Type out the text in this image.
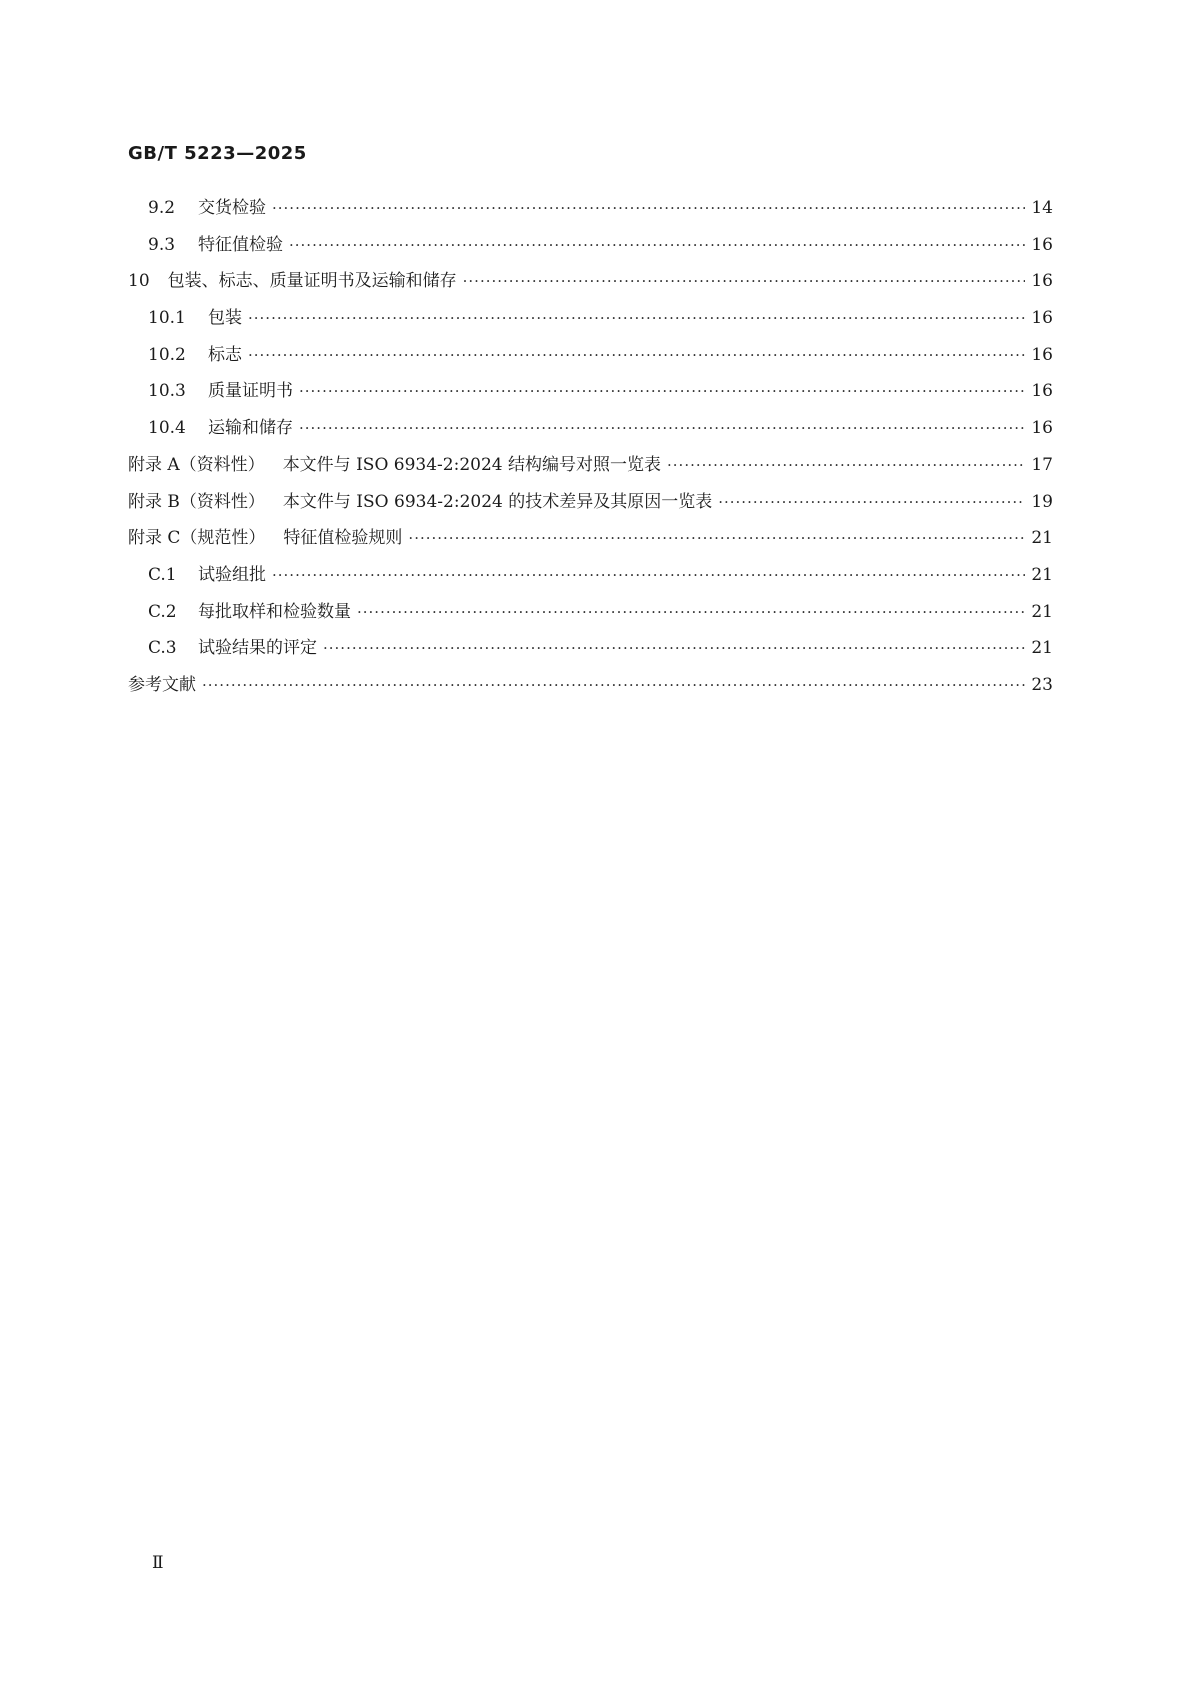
GB/T 5223—2025
9.2	交货检验 ·····	14
9.3	特征值检验 ·····	16
10 包装、标志、质量证明书及运输和储存 ·····	16
10.1	包装 ·····	16
10.2	标志 ·····	16
10.3	质量证明书 ·····	16
10.4	运输和储存 ·····	16
附录 A（资料性） 本文件与 ISO 6934-2:2024 结构编号对照一览表 ·····	17
附录 B（资料性） 本文件与 ISO 6934-2:2024 的技术差异及其原因一览表 ·····	19
附录 C（规范性） 特征值检验规则 ·····	21
C.1	试验组批 ·····	21
C.2	每批取样和检验数量 ·····	21
C.3	试验结果的评定 ·····	21
参考文献 ·····	23
Ⅱ
